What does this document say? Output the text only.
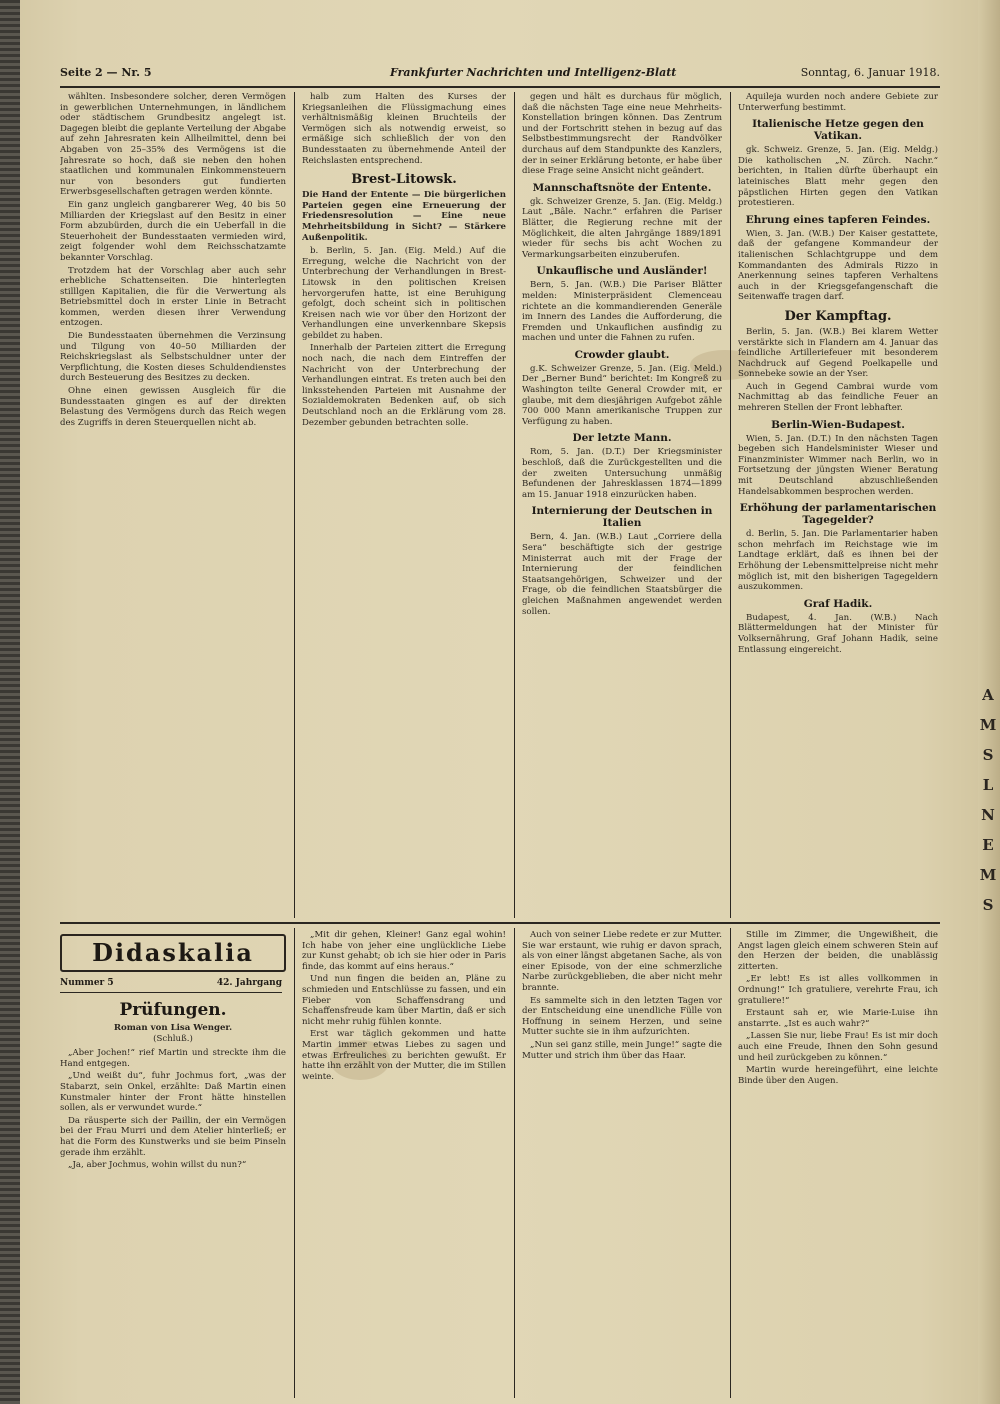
A
M
S
L
N
E
M
S
Seite 2 — Nr. 5	Frankfurter Nachrichten und Intelligenz-Blatt	Sonntag, 6. Januar 1918.

wählten. Insbesondere solcher, deren Vermögen in gewerblichen Unternehmungen, in ländlichem oder städtischem Grundbesitz angelegt ist. Dagegen bleibt die geplante Verteilung der Abgabe auf zehn Jahresraten kein Allheilmittel, denn bei Abgaben von 25–35% des Vermögens ist die Jahresrate so hoch, daß sie neben den hohen staatlichen und kommunalen Einkommensteuern nur von besonders gut fundierten Erwerbsgesellschaften getragen werden könnte.

Ein ganz ungleich gangbarerer Weg, 40 bis 50 Milliarden der Kriegslast auf den Besitz in einer Form abzubürden, durch die ein Ueberfall in die Steuerhoheit der Bundesstaaten vermieden wird, zeigt folgender wohl dem Reichsschatzamte bekannter Vorschlag.

Trotzdem hat der Vorschlag aber auch sehr erhebliche Schattenseiten. Die hinterlegten stilllgen Kapitalien, die für die Verwertung als Betriebsmittel doch in erster Linie in Betracht kommen, werden diesen ihrer Verwendung entzogen.

Die Bundesstaaten übernehmen die Verzinsung und Tilgung von 40–50 Milliarden der Reichskriegslast als Selbstschuldner unter der Verpflichtung, die Kosten dieses Schuldendienstes durch Besteuerung des Besitzes zu decken.

Ohne einen gewissen Ausgleich für die Bundesstaaten gingen es auf der direkten Belastung des Vermögens durch das Reich wegen des Zugriffs in deren Steuerquellen nicht ab.

halb zum Halten des Kurses der Kriegsanleihen die Flüssigmachung eines verhältnismäßig kleinen Bruchteils der Vermögen sich als notwendig erweist, so ermäßige sich schließlich der von den Bundesstaaten zu übernehmende Anteil der Reichslasten entsprechend.

Brest-Litowsk.
Die Hand der Entente — Die bürgerlichen Parteien gegen eine Erneuerung der Friedensresolution — Eine neue Mehrheitsbildung in Sicht? — Stärkere Außenpolitik.

b. Berlin, 5. Jan. (Eig. Meld.) Auf die Erregung, welche die Nachricht von der Unterbrechung der Verhandlungen in Brest-Litowsk in den politischen Kreisen hervorgerufen hatte, ist eine Beruhigung gefolgt, doch scheint sich in politischen Kreisen nach wie vor über den Horizont der Verhandlungen eine unverkennbare Skepsis gebildet zu haben.

Innerhalb der Parteien zittert die Erregung noch nach, die nach dem Eintreffen der Nachricht von der Unterbrechung der Verhandlungen eintrat. Es treten auch bei den linksstehenden Parteien mit Ausnahme der Sozialdemokraten Bedenken auf, ob sich Deutschland noch an die Erklärung vom 28. Dezember gebunden betrachten solle.

gegen und hält es durchaus für möglich, daß die nächsten Tage eine neue Mehrheits-Konstellation bringen können. Das Zentrum und der Fortschritt stehen in bezug auf das Selbstbestimmungsrecht der Randvölker durchaus auf dem Standpunkte des Kanzlers, der in seiner Erklärung betonte, er habe über diese Frage seine Ansicht nicht geändert.

Mannschaftsnöte der Entente.

gk. Schweizer Grenze, 5. Jan. (Eig. Meldg.) Laut „Bâle. Nachr.“ erfahren die Pariser Blätter, die Regierung rechne mit der Möglichkeit, die alten Jahrgänge 1889/1891 wieder für sechs bis acht Wochen zu Vermarkungsarbeiten einzuberufen.

Unkauflische und Ausländer!

Bern, 5. Jan. (W.B.) Die Pariser Blätter melden: Ministerpräsident Clemenceau richtete an die kommandierenden Generäle im Innern des Landes die Aufforderung, die Fremden und Unkauflichen ausfindig zu machen und unter die Fahnen zu rufen.

Crowder glaubt.

g.K. Schweizer Grenze, 5. Jan. (Eig. Meld.) Der „Berner Bund“ berichtet: Im Kongreß zu Washington teilte General Crowder mit, er glaube, mit dem diesjährigen Aufgebot zähle 700 000 Mann amerikanische Truppen zur Verfügung zu haben.

Der letzte Mann.

Rom, 5. Jan. (D.T.) Der Kriegsminister beschloß, daß die Zurückgestellten und die der zweiten Untersuchung unmäßig Befundenen der Jahresklassen 1874—1899 am 15. Januar 1918 einzurücken haben.

Internierung der Deutschen in Italien

Bern, 4. Jan. (W.B.) Laut „Corriere della Sera“ beschäftigte sich der gestrige Ministerrat auch mit der Frage der Internierung der feindlichen Staatsangehörigen, Schweizer und der Frage, ob die feindlichen Staatsbürger die gleichen Maßnahmen angewendet werden sollen.

Aquileja wurden noch andere Gebiete zur Unterwerfung bestimmt.

Italienische Hetze gegen den Vatikan.

gk. Schweiz. Grenze, 5. Jan. (Eig. Meldg.) Die katholischen „N. Zürch. Nachr.“ berichten, in Italien dürfte überhaupt ein lateinisches Blatt mehr gegen den päpstlichen Hirten gegen den Vatikan protestieren.

Ehrung eines tapferen Feindes.

Wien, 3. Jan. (W.B.) Der Kaiser gestattete, daß der gefangene Kommandeur der italienischen Schlachtgruppe und dem Kommandanten des Admirals Rizzo in Anerkennung seines tapferen Verhaltens auch in der Kriegsgefangenschaft die Seitenwaffe tragen darf.

Der Kampftag.

Berlin, 5. Jan. (W.B.) Bei klarem Wetter verstärkte sich in Flandern am 4. Januar das feindliche Artilleriefeuer mit besonderem Nachdruck auf Gegend Poelkapelle und Sonnebeke sowie an der Yser.

Auch in Gegend Cambrai wurde vom Nachmittag ab das feindliche Feuer an mehreren Stellen der Front lebhafter.

Berlin-Wien-Budapest.

Wien, 5. Jan. (D.T.) In den nächsten Tagen begeben sich Handelsminister Wieser und Finanzminister Wimmer nach Berlin, wo in Fortsetzung der jüngsten Wiener Beratung mit Deutschland abzuschließenden Handelsabkommen besprochen werden.

Erhöhung der parlamentarischen Tagegelder?

d. Berlin, 5. Jan. Die Parlamentarier haben schon mehrfach im Reichstage wie im Landtage erklärt, daß es ihnen bei der Erhöhung der Lebensmittelpreise nicht mehr möglich ist, mit den bisherigen Tagegeldern auszukommen.

Graf Hadik.

Budapest, 4. Jan. (W.B.) Nach Blättermeldungen hat der Minister für Volksernährung, Graf Johann Hadik, seine Entlassung eingereicht.

Didaskalia
Nummer 5	42. Jahrgang
Prüfungen.
Roman von Lisa Wenger.
(Schluß.)

„Aber Jochen!“ rief Martin und streckte ihm die Hand entgegen.

„Und weißt du“, fuhr Jochmus fort, „was der Stabarzt, sein Onkel, erzählte: Daß Martin einen Kunstmaler hinter der Front hätte hinstellen sollen, als er verwundet wurde.“

Da räusperte sich der Paillin, der ein Vermögen bei der Frau Murri und dem Atelier hinterließ; er hat die Form des Kunstwerks und sie beim Pinseln gerade ihm erzählt.

„Ja, aber Jochmus, wohin willst du nun?“

„Mit dir gehen, Kleiner! Ganz egal wohin! Ich habe von jeher eine unglückliche Liebe zur Kunst gehabt; ob ich sie hier oder in Paris finde, das kommt auf eins heraus.“

Und nun fingen die beiden an, Pläne zu schmieden und Entschlüsse zu fassen, und ein Fieber von Schaffensdrang und Schaffensfreude kam über Martin, daß er sich nicht mehr ruhig fühlen konnte.

Erst war täglich gekommen und hatte Martin immer etwas Liebes zu sagen und etwas Erfreuliches zu berichten gewußt. Er hatte ihn erzählt von der Mutter, die im Stillen weinte.

Auch von seiner Liebe redete er zur Mutter. Sie war erstaunt, wie ruhig er davon sprach, als von einer längst abgetanen Sache, als von einer Episode, von der eine schmerzliche Narbe zurückgeblieben, die aber nicht mehr brannte.

Es sammelte sich in den letzten Tagen vor der Entscheidung eine unendliche Fülle von Hoffnung in seinem Herzen, und seine Mutter suchte sie in ihm aufzurichten.

„Nun sei ganz stille, mein Junge!“ sagte die Mutter und strich ihm über das Haar.

Stille im Zimmer, die Ungewißheit, die Angst lagen gleich einem schweren Stein auf den Herzen der beiden, die unablässig zitterten.

„Er lebt! Es ist alles vollkommen in Ordnung!“ Ich gratuliere, verehrte Frau, ich gratuliere!“

Erstaunt sah er, wie Marie-Luise ihn anstarrte. „Ist es auch wahr?“

„Lassen Sie nur, liebe Frau! Es ist mir doch auch eine Freude, Ihnen den Sohn gesund und heil zurückgeben zu können.“

Martin wurde hereingeführt, eine leichte Binde über den Augen.
